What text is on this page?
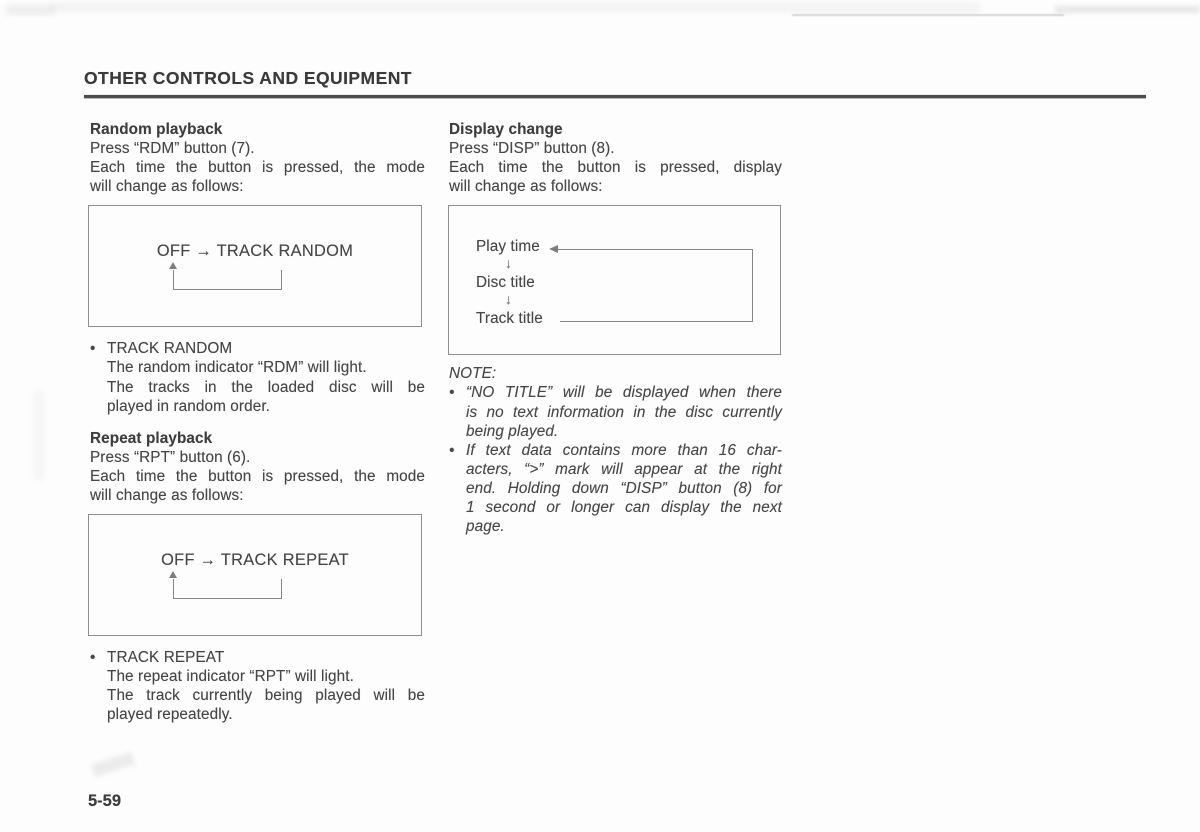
OTHER CONTROLS AND EQUIPMENT
Random playback
Press “RDM” button (7).
Each time the button is pressed, the mode
will change as follows:
OFF → TRACK RANDOM
• TRACK RANDOM
The random indicator “RDM” will light.
The tracks in the loaded disc will be
played in random order.
Repeat playback
Press “RPT” button (6).
Each time the button is pressed, the mode
will change as follows:
OFF → TRACK REPEAT
• TRACK REPEAT
The repeat indicator “RPT” will light.
The track currently being played will be
played repeatedly.
Display change
Press “DISP” button (8).
Each time the button is pressed, display
will change as follows:
Play time
↓
Disc title
↓
Track title
NOTE:
• “NO TITLE” will be displayed when there
is no text information in the disc currently
being played.
• If text data contains more than 16 char-
acters, “>” mark will appear at the right
end. Holding down “DISP” button (8) for
1 second or longer can display the next
page.
5-59
